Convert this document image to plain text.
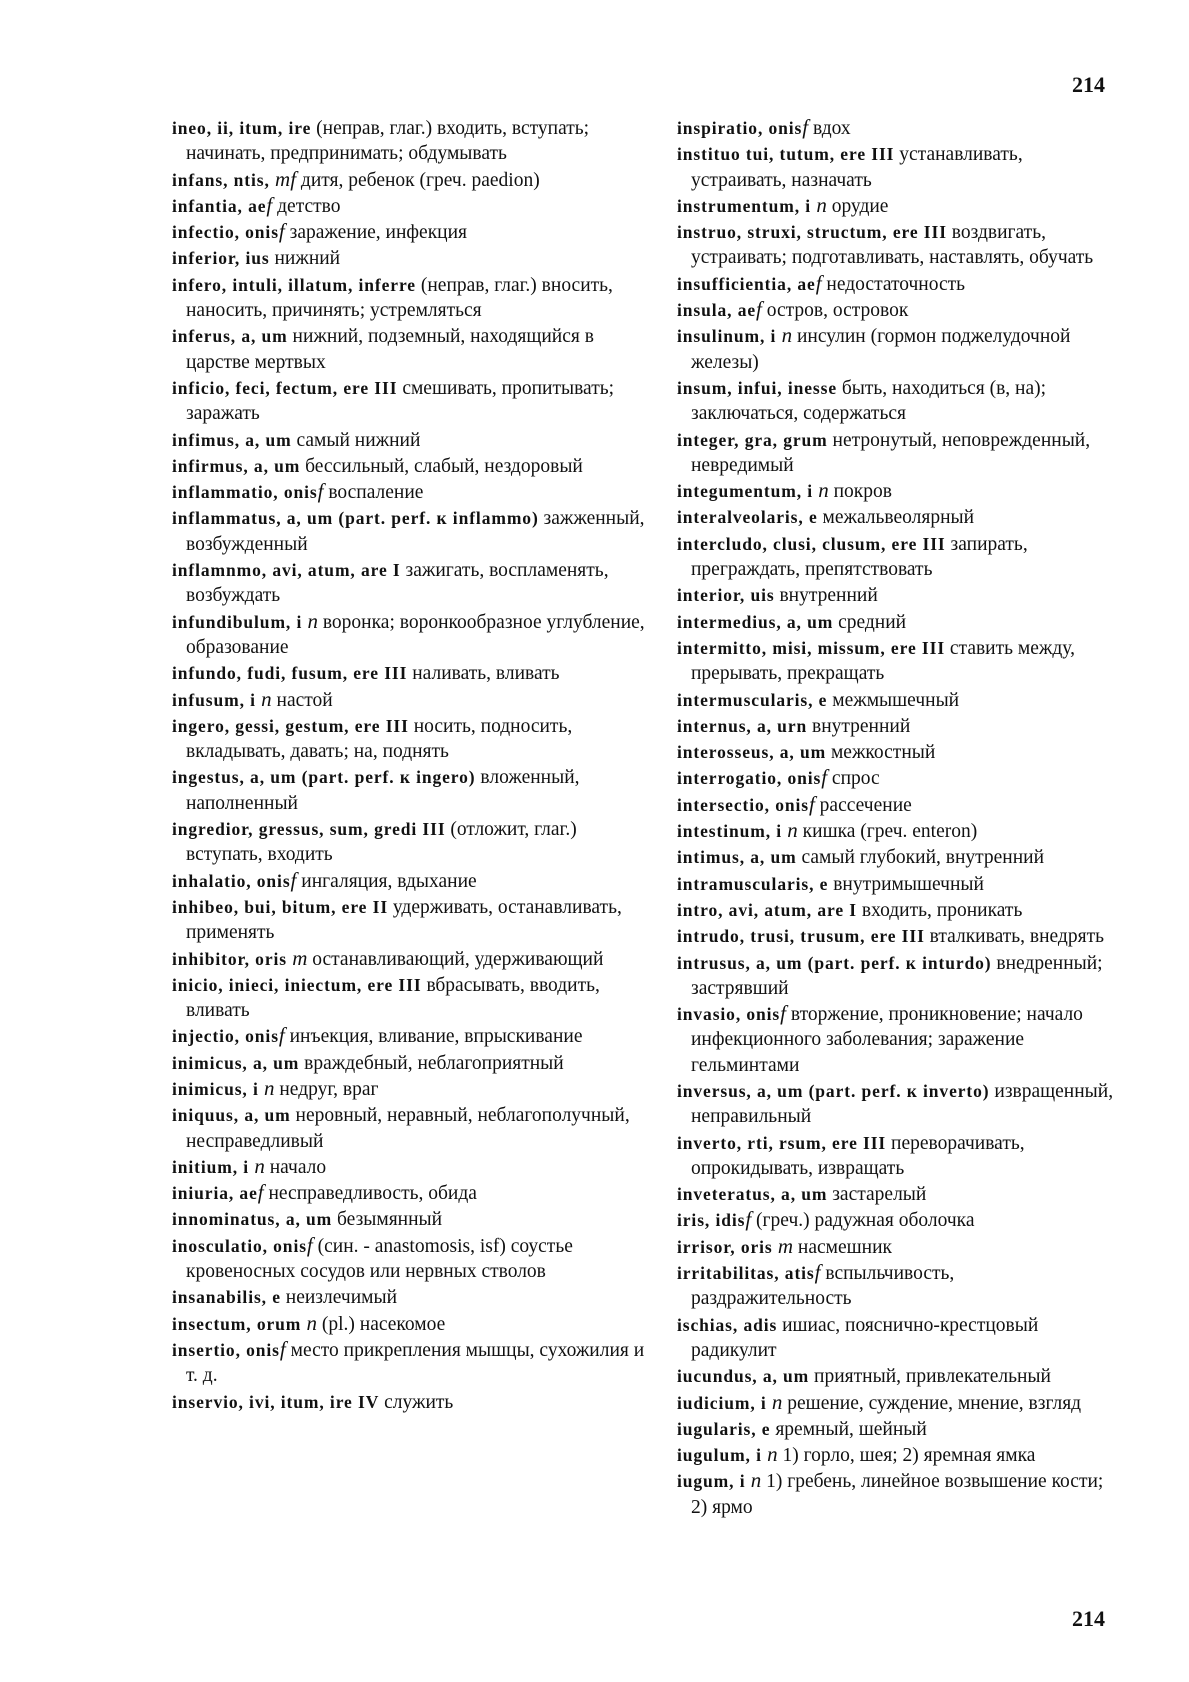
214

ineo, ii, itum, ire (неправ, глаг.) входить, вступать; начинать, предпринимать; обдумывать

infans, ntis, mf дитя, ребенок (греч. paedion)

infantia, aef детство

infectio, onisf заражение, инфекция

inferior, ius нижний

infero, intuli, illatum, inferre (неправ, глаг.) вносить, наносить, причинять; устремляться

inferus, a, um нижний, подземный, находящийся в царстве мертвых

inficio, feci, fectum, ere III смешивать, пропитывать; заражать

infimus, a, um самый нижний

infirmus, a, um бессильный, слабый, нездоровый

inflammatio, onisf воспаление

inflammatus, a, um (part. perf. к inflammo) зажженный, возбужденный

inflamnmo, avi, atum, are I зажигать, воспламенять, возбуждать

infundibulum, i n воронка; воронкообразное углубление, образование

infundo, fudi, fusum, ere III наливать, вливать

infusum, i n настой

ingero, gessi, gestum, ere III носить, подносить, вкладывать, давать; на, поднять

ingestus, a, um (part. perf. к ingero) вложенный, наполненный

ingredior, gressus, sum, gredi III (отложит, глаг.) вступать, входить

inhalatio, onisf ингаляция, вдыхание

inhibeo, bui, bitum, ere II удерживать, останавливать, применять

inhibitor, oris m останавливающий, удерживающий

inicio, inieci, iniectum, ere III вбрасывать, вводить, вливать

injectio, onisf инъекция, вливание, впрыскивание

inimicus, a, um враждебный, неблагоприятный

inimicus, i n недруг, враг

iniquus, a, um неровный, неравный, неблагополучный, несправедливый

initium, i n начало

iniuria, aef несправедливость, обида

innominatus, a, um безымянный

inosculatio, onisf (син. - anastomosis, isf) соустье кровеносных сосудов или нервных стволов

insanabilis, e неизлечимый

insectum, orum n (pl.) насекомое

insertio, onisf место прикрепления мышцы, сухожилия и т. д.

inservio, ivi, itum, ire IV служить

inspiratio, onisf вдох

instituo tui, tutum, ere III устанавливать, устраивать, назначать

instrumentum, i n орудие

instruo, struxi, structum, ere III воздвигать, устраивать; подготавливать, наставлять, обучать

insufficientia, aef недостаточность

insula, aef остров, островок

insulinum, i n инсулин (гормон поджелудочной железы)

insum, infui, inesse быть, находиться (в, на); заключаться, содержаться

integer, gra, grum нетронутый, неповрежденный, невредимый

integumentum, i n покров

interalveolaris, e межальвеолярный

intercludo, clusi, clusum, ere III запирать, преграждать, препятствовать

interior, uis внутренний

intermedius, a, um средний

intermitto, misi, missum, ere III ставить между, прерывать, прекращать

intermuscularis, e межмышечный

internus, a, urn внутренний

interosseus, a, um межкостный

interrogatio, onisf спрос

intersectio, onisf рассечение

intestinum, i n кишка (греч. enteron)

intimus, a, um самый глубокий, внутренний

intramuscularis, e внутримышечный

intro, avi, atum, are I входить, проникать

intrudo, trusi, trusum, ere III вталкивать, внедрять

intrusus, a, um (part. perf. к inturdo) внедренный; застрявший

invasio, onisf вторжение, проникновение; начало инфекционного заболевания; заражение гельминтами

inversus, a, um (part. perf. к inverto) извращенный, неправильный

inverto, rti, rsum, ere III переворачивать, опрокидывать, извращать

inveteratus, a, um застарелый

iris, idisf (греч.) радужная оболочка

irrisor, oris m насмешник

irritabilitas, atisf вспыльчивость, раздражительность

ischias, adis ишиас, пояснично-крестцовый радикулит

iucundus, a, um приятный, привлекательный

iudicium, i n решение, суждение, мнение, взгляд

iugularis, e яремный, шейный

iugulum, i n 1) горло, шея; 2) яремная ямка

iugum, i n 1) гребень, линейное возвышение кости; 2) ярмо

214
